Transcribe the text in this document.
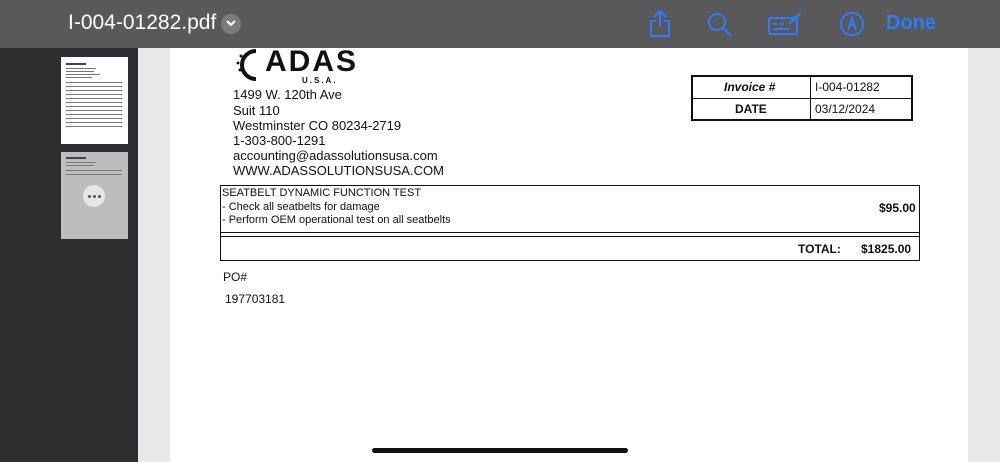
I-004-01282.pdf	Done
ADAS
U.S.A.
1499 W. 120th Ave
Suit 110
Westminster CO 80234-2719
1-303-800-1291
accounting@adassolutionsusa.com
WWW.ADASSOLUTIONSUSA.COM
Invoice #	I-004-01282
DATE	03/12/2024
SEATBELT DYNAMIC FUNCTION TEST
- Check all seatbelts for damage
- Perform OEM operational test on all seatbelts
$95.00
TOTAL: $1825.00
PO#
197703181
